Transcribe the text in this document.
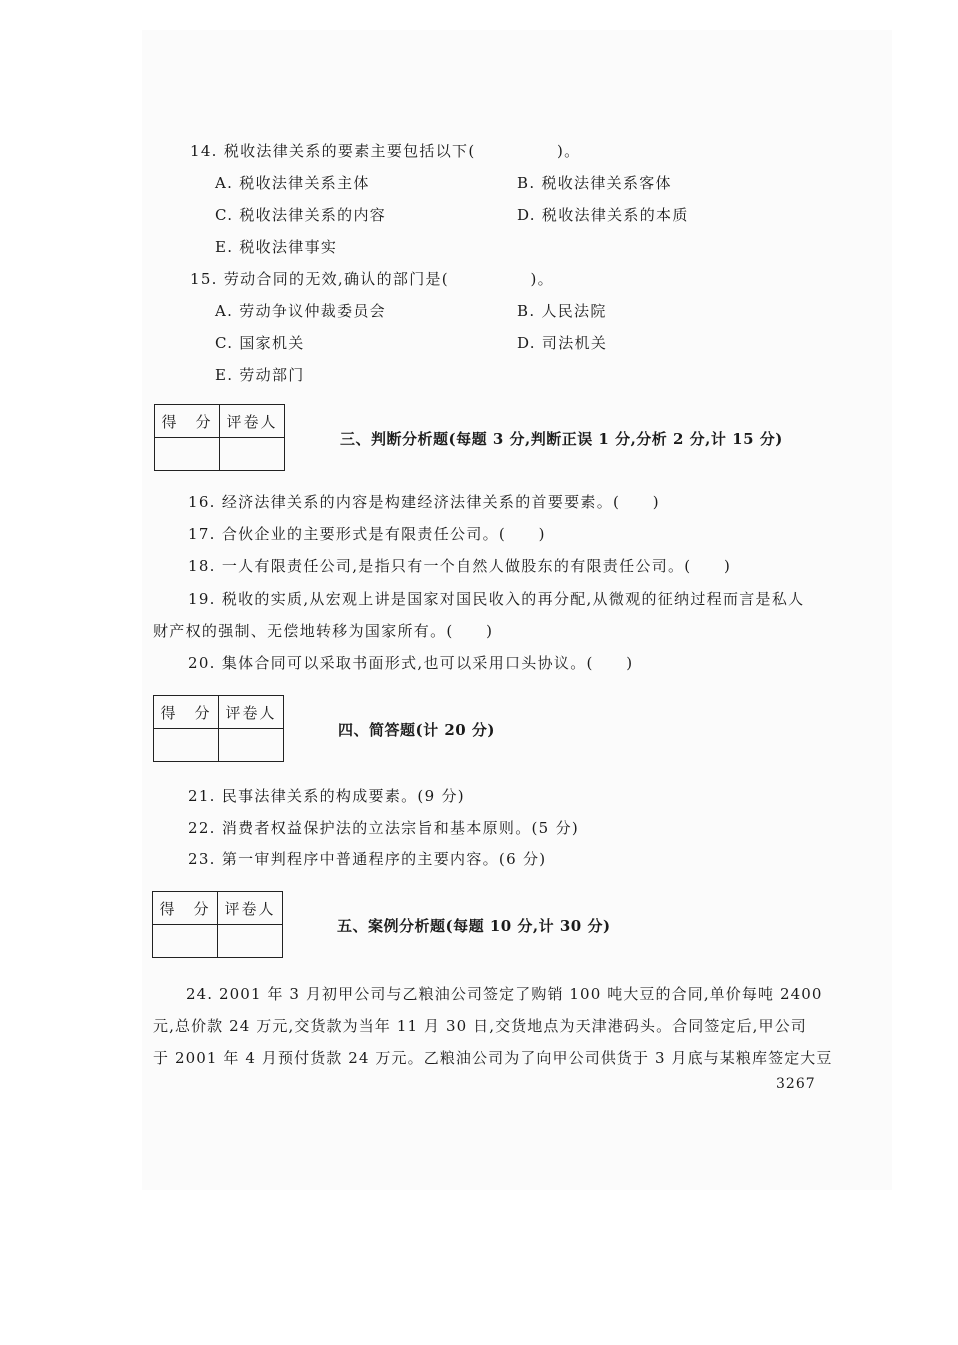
14. 税收法律关系的要素主要包括以下(　　　　　)。
A. 税收法律关系主体	B. 税收法律关系客体
C. 税收法律关系的内容	D. 税收法律关系的本质
E. 税收法律事实
15. 劳动合同的无效,确认的部门是(　　　　　)。
A. 劳动争议仲裁委员会	B. 人民法院
C. 国家机关	D. 司法机关
E. 劳动部门
得　分	评卷人

三、判断分析题(每题 3 分,判断正误 1 分,分析 2 分,计 15 分)
16. 经济法律关系的内容是构建经济法律关系的首要要素。(　　)
17. 合伙企业的主要形式是有限责任公司。(　　)
18. 一人有限责任公司,是指只有一个自然人做股东的有限责任公司。(　　)
19. 税收的实质,从宏观上讲是国家对国民收入的再分配,从微观的征纳过程而言是私人
财产权的强制、无偿地转移为国家所有。(　　)
20. 集体合同可以采取书面形式,也可以采用口头协议。(　　)
得　分	评卷人

四、简答题(计 20 分)
21. 民事法律关系的构成要素。(9 分)
22. 消费者权益保护法的立法宗旨和基本原则。(5 分)
23. 第一审判程序中普通程序的主要内容。(6 分)
得　分	评卷人

五、案例分析题(每题 10 分,计 30 分)
24. 2001 年 3 月初甲公司与乙粮油公司签定了购销 100 吨大豆的合同,单价每吨 2400
元,总价款 24 万元,交货款为当年 11 月 30 日,交货地点为天津港码头。合同签定后,甲公司
于 2001 年 4 月预付货款 24 万元。乙粮油公司为了向甲公司供货于 3 月底与某粮库签定大豆
3267
